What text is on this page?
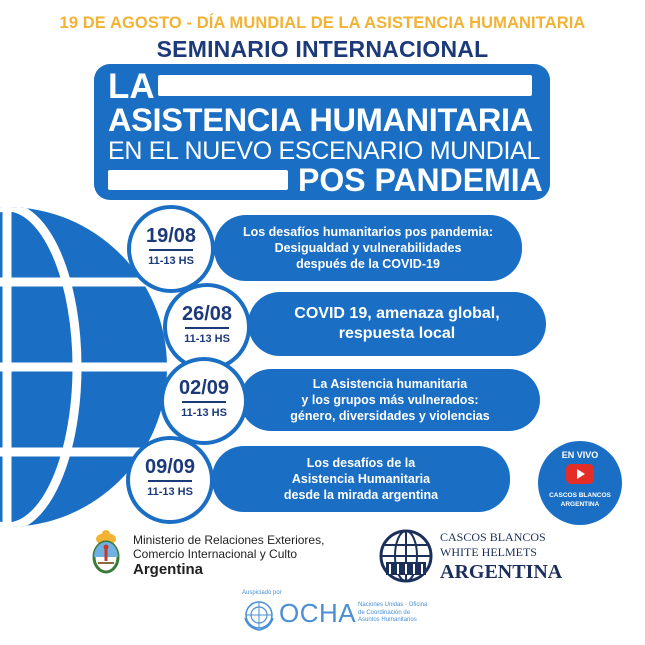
19 DE AGOSTO - DÍA MUNDIAL DE LA ASISTENCIA HUMANITARIA
SEMINARIO INTERNACIONAL
LA
ASISTENCIA HUMANITARIA
EN EL NUEVO ESCENARIO MUNDIAL
POS PANDEMIA
Los desafíos humanitarios pos pandemia:
Desigualdad y vulnerabilidades
después de la COVID-19
19/08
11-13 HS
COVID 19, amenaza global,
respuesta local
26/08
11-13 HS
La Asistencia humanitaria
y los grupos más vulnerados:
género, diversidades y violencias
02/09
11-13 HS
Los desafíos de la
Asistencia Humanitaria
desde la mirada argentina
09/09
11-13 HS
EN VIVO
CASCOS BLANCOS
ARGENTINA
Ministerio de Relaciones Exteriores,
Comercio Internacional y Culto
Argentina
CASCOS BLANCOS
WHITE HELMETS
ARGENTINA
Auspiciado por
OCHA Naciones Unidas · Oficina
de Coordinación de
Asuntos Humanitarios
